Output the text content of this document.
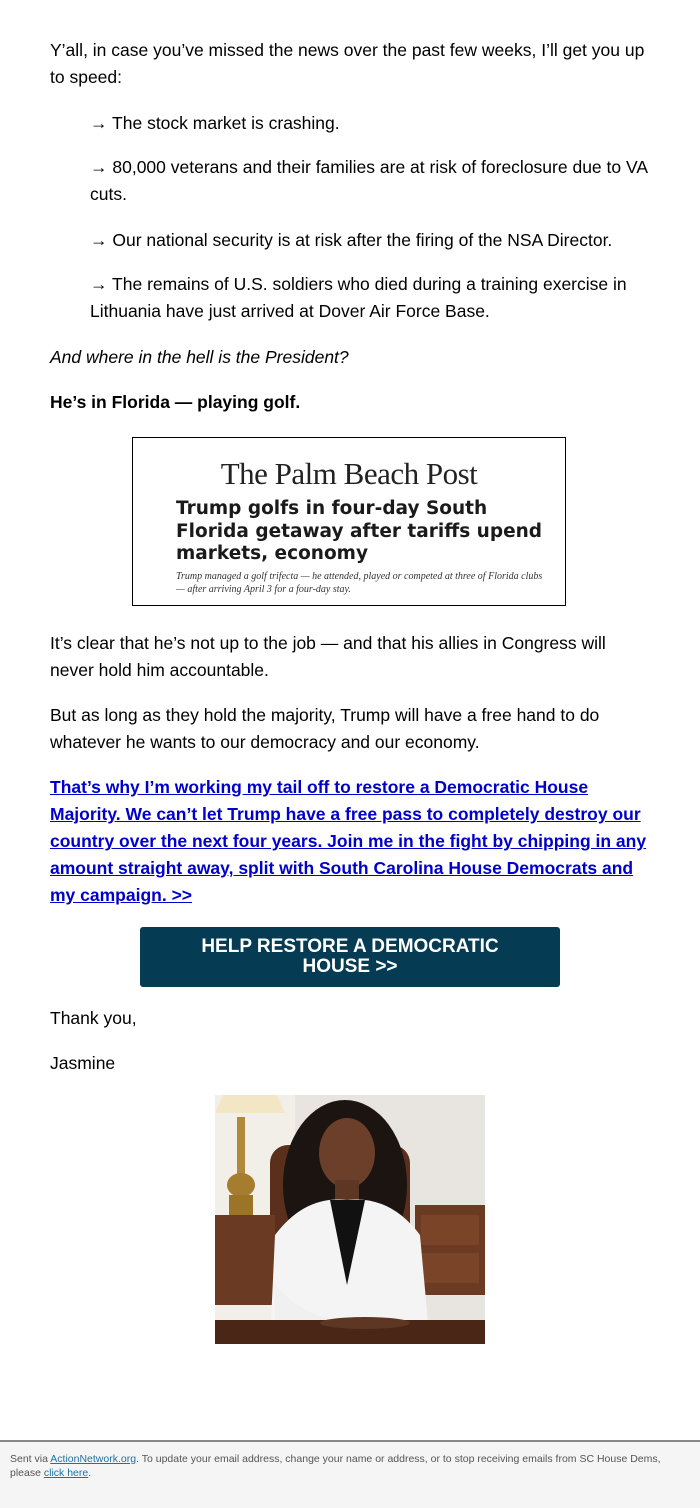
Y’all, in case you’ve missed the news over the past few weeks, I’ll get you up to speed:

→ The stock market is crashing.

→ 80,000 veterans and their families are at risk of foreclosure due to VA cuts.

→ Our national security is at risk after the firing of the NSA Director.

→ The remains of U.S. soldiers who died during a training exercise in Lithuania have just arrived at Dover Air Force Base.

And where in the hell is the President?

He’s in Florida — playing golf.

The Palm Beach Post
Trump golfs in four-day South Florida getaway after tariffs upend markets, economy
Trump managed a golf trifecta — he attended, played or competed at three of Florida clubs — after arriving April 3 for a four-day stay.

It’s clear that he’s not up to the job — and that his allies in Congress will never hold him accountable.

But as long as they hold the majority, Trump will have a free hand to do whatever he wants to our democracy and our economy.

That’s why I’m working my tail off to restore a Democratic House Majority. We can’t let Trump have a free pass to completely destroy our country over the next four years. Join me in the fight by chipping in any amount straight away, split with South Carolina House Democrats and my campaign. >>

HELP RESTORE A DEMOCRATIC HOUSE >>

Thank you,

Jasmine

Sent via ActionNetwork.org. To update your email address, change your name or address, or to stop receiving emails from SC House Dems, please click here.
